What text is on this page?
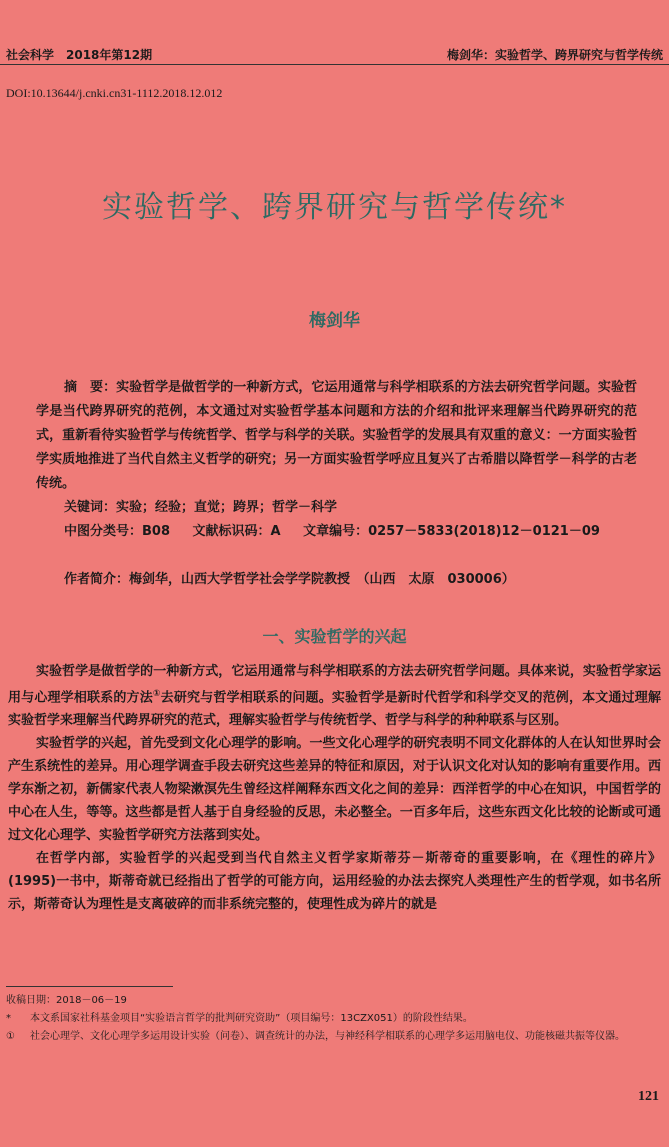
社会科学　2018年第12期	梅剑华：实验哲学、跨界研究与哲学传统
DOI:10.13644/j.cnki.cn31-1112.2018.12.012
实验哲学、跨界研究与哲学传统*
梅剑华

摘　要：实验哲学是做哲学的一种新方式，它运用通常与科学相联系的方法去研究哲学问题。实验哲学是当代跨界研究的范例，本文通过对实验哲学基本问题和方法的介绍和批评来理解当代跨界研究的范式，重新看待实验哲学与传统哲学、哲学与科学的关联。实验哲学的发展具有双重的意义：一方面实验哲学实质地推进了当代自然主义哲学的研究；另一方面实验哲学呼应且复兴了古希腊以降哲学－科学的古老传统。

关键词：实验；经验；直觉；跨界；哲学－科学
中图分类号：B08 文献标识码：A 文章编号：0257－5833(2018)12－0121－09
作者简介：梅剑华，山西大学哲学社会学学院教授　（山西　太原　030006）
一、实验哲学的兴起

实验哲学是做哲学的一种新方式，它运用通常与科学相联系的方法去研究哲学问题。具体来说，实验哲学家运用与心理学相联系的方法①去研究与哲学相联系的问题。实验哲学是新时代哲学和科学交叉的范例，本文通过理解实验哲学来理解当代跨界研究的范式，理解实验哲学与传统哲学、哲学与科学的种种联系与区别。

实验哲学的兴起，首先受到文化心理学的影响。一些文化心理学的研究表明不同文化群体的人在认知世界时会产生系统性的差异。用心理学调查手段去研究这些差异的特征和原因，对于认识文化对认知的影响有重要作用。西学东渐之初，新儒家代表人物梁漱溟先生曾经这样阐释东西文化之间的差异：西洋哲学的中心在知识，中国哲学的中心在人生，等等。这些都是哲人基于自身经验的反思，未必整全。一百多年后，这些东西文化比较的论断或可通过文化心理学、实验哲学研究方法落到实处。

在哲学内部，实验哲学的兴起受到当代自然主义哲学家斯蒂芬－斯蒂奇的重要影响，在《理性的碎片》(1995)一书中，斯蒂奇就已经指出了哲学的可能方向，运用经验的办法去探究人类理性产生的哲学观，如书名所示，斯蒂奇认为理性是支离破碎的而非系统完整的，使理性成为碎片的就是

收稿日期：2018－06－19
* 本文系国家社科基金项目“实验语言哲学的批判研究资助”（项目编号：13CZX051）的阶段性结果。
① 社会心理学、文化心理学多运用设计实验（问卷）、调查统计的办法，与神经科学相联系的心理学多运用脑电仪、功能核磁共振等仪器。
121
